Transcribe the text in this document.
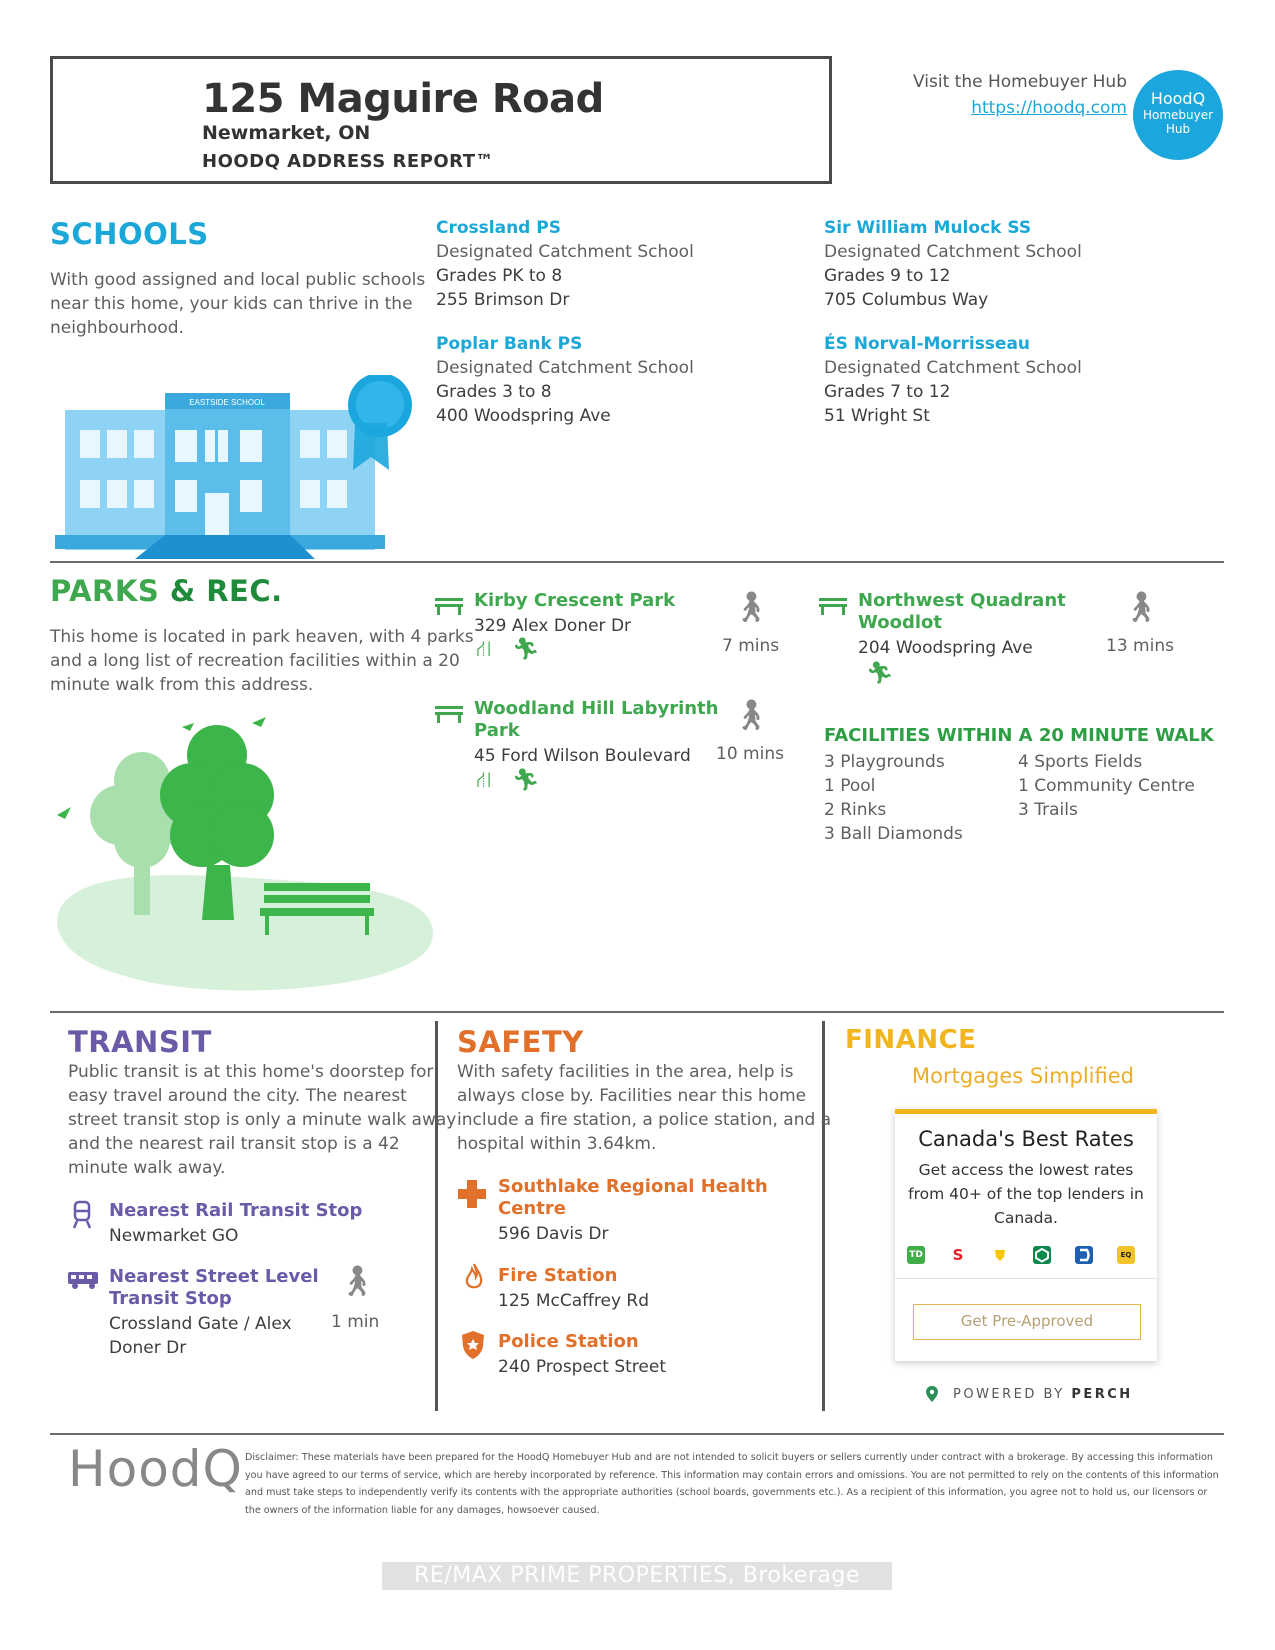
125 Maguire Road
Newmarket, ON
HOODQ ADDRESS REPORT™
Visit the Homebuyer Hub
https://hoodq.com	HoodQ
Homebuyer
Hub
SCHOOLS
With good assigned and local public schools
near this home, your kids can thrive in the
neighbourhood.
EASTSIDE SCHOOL
Crossland PS
Designated Catchment School
Grades PK to 8
255 Brimson Dr
Sir William Mulock SS
Designated Catchment School
Grades 9 to 12
705 Columbus Way
Poplar Bank PS
Designated Catchment School
Grades 3 to 8
400 Woodspring Ave
ÉS Norval-Morrisseau
Designated Catchment School
Grades 7 to 12
51 Wright St
PARKS & REC.
This home is located in park heaven, with 4 parks
and a long list of recreation facilities within a 20
minute walk from this address.
Kirby Crescent Park
329 Alex Doner Dr
⛙ 🏃︎
🚶︎
7 mins
Northwest Quadrant
Woodlot
204 Woodspring Ave
🏃︎
🚶︎
13 mins
Woodland Hill Labyrinth
Park
45 Ford Wilson Boulevard
⛙ 🏃︎
🚶︎
10 mins
FACILITIES WITHIN A 20 MINUTE WALK
3 Playgrounds	4 Sports Fields
1 Pool	1 Community Centre
2 Rinks	3 Trails
3 Ball Diamonds
TRANSIT
Public transit is at this home's doorstep for
easy travel around the city. The nearest
street transit stop is only a minute walk away
and the nearest rail transit stop is a 42
minute walk away.
Nearest Rail Transit Stop
Newmarket GO
Nearest Street Level
Transit Stop
Crossland Gate / Alex
Doner Dr
🚶︎
1 min
SAFETY
With safety facilities in the area, help is
always close by. Facilities near this home
include a fire station, a police station, and a
hospital within 3.64km.
Southlake Regional Health
Centre
596 Davis Dr
Fire Station
125 McCaffrey Rd
Police Station
240 Prospect Street
FINANCE
Mortgages Simplified
Canada's Best Rates
Get access the lowest rates
from 40+ of the top lenders in
Canada.
TD S	EQ
Get Pre-Approved
POWERED BY PERCH
HoodQ Disclaimer: These materials have been prepared for the HoodQ Homebuyer Hub and are not intended to solicit buyers or sellers currently under contract with a brokerage. By accessing this information you have agreed to our terms of service, which are hereby incorporated by reference. This information may contain errors and omissions. You are not permitted to rely on the contents of this information and must take steps to independently verify its contents with the appropriate authorities (school boards, governments etc.). As a recipient of this information, you agree not to hold us, our licensors or the owners of the information liable for any damages, howsoever caused.
RE/MAX PRIME PROPERTIES, Brokerage
